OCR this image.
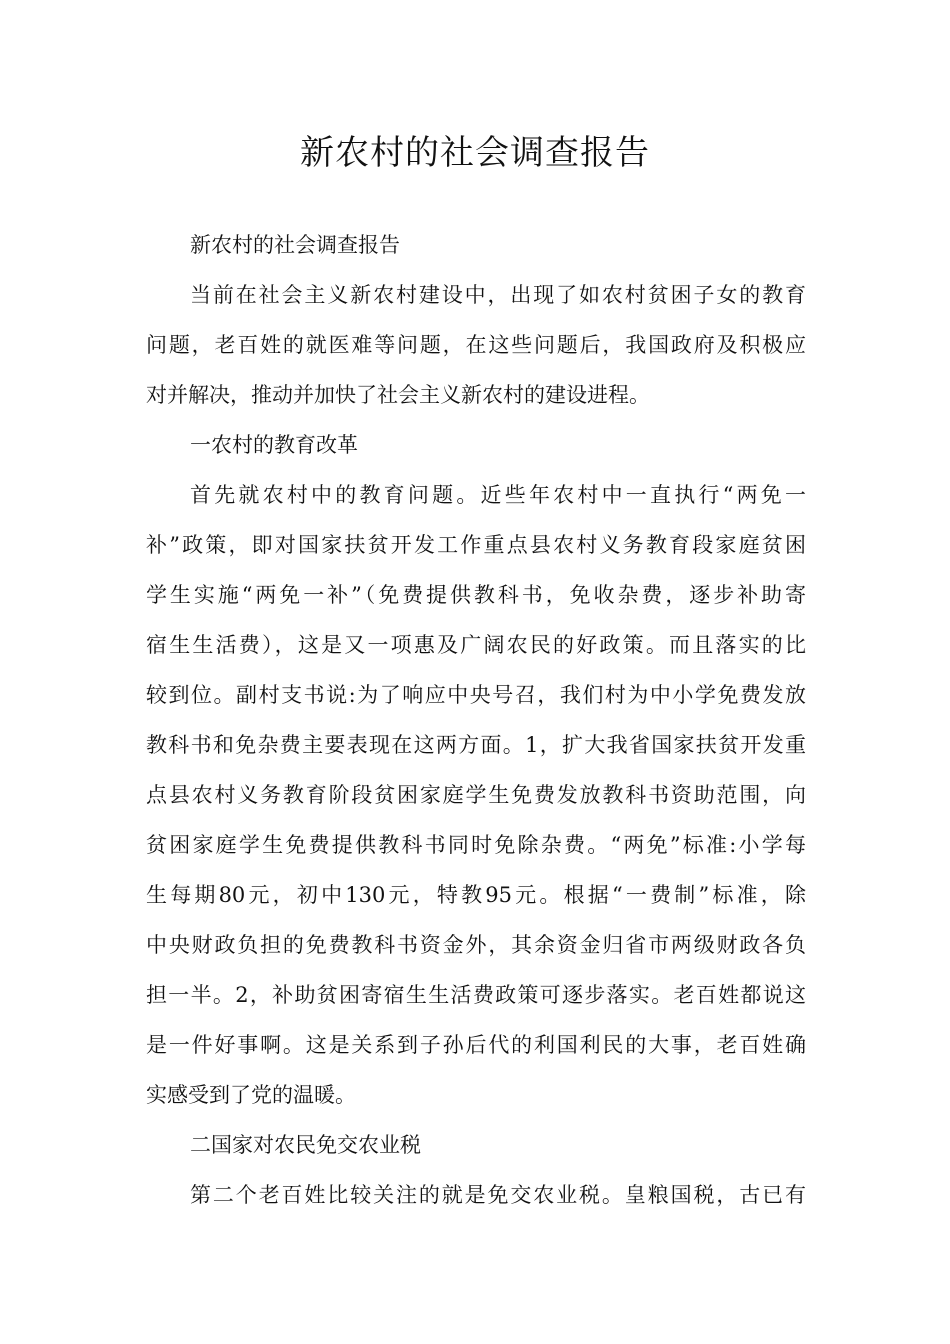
新农村的社会调查报告
新农村的社会调查报告
当前在社会主义新农村建设中，出现了如农村贫困子女的教育
问题，老百姓的就医难等问题，在这些问题后，我国政府及积极应
对并解决，推动并加快了社会主义新农村的建设进程。
一农村的教育改革
首先就农村中的教育问题。近些年农村中一直执行“两免一
补”政策，即对国家扶贫开发工作重点县农村义务教育段家庭贫困
学生实施“两免一补”（免费提供教科书，免收杂费，逐步补助寄
宿生生活费），这是又一项惠及广阔农民的好政策。而且落实的比
较到位。副村支书说:为了响应中央号召，我们村为中小学免费发放
教科书和免杂费主要表现在这两方面。1，扩大我省国家扶贫开发重
点县农村义务教育阶段贫困家庭学生免费发放教科书资助范围，向
贫困家庭学生免费提供教科书同时免除杂费。“两免”标准:小学每
生每期80元，初中130元，特教95元。根据“一费制”标准，除
中央财政负担的免费教科书资金外，其余资金归省市两级财政各负
担一半。2，补助贫困寄宿生生活费政策可逐步落实。老百姓都说这
是一件好事啊。这是关系到子孙后代的利国利民的大事，老百姓确
实感受到了党的温暖。
二国家对农民免交农业税
第二个老百姓比较关注的就是免交农业税。皇粮国税，古已有
